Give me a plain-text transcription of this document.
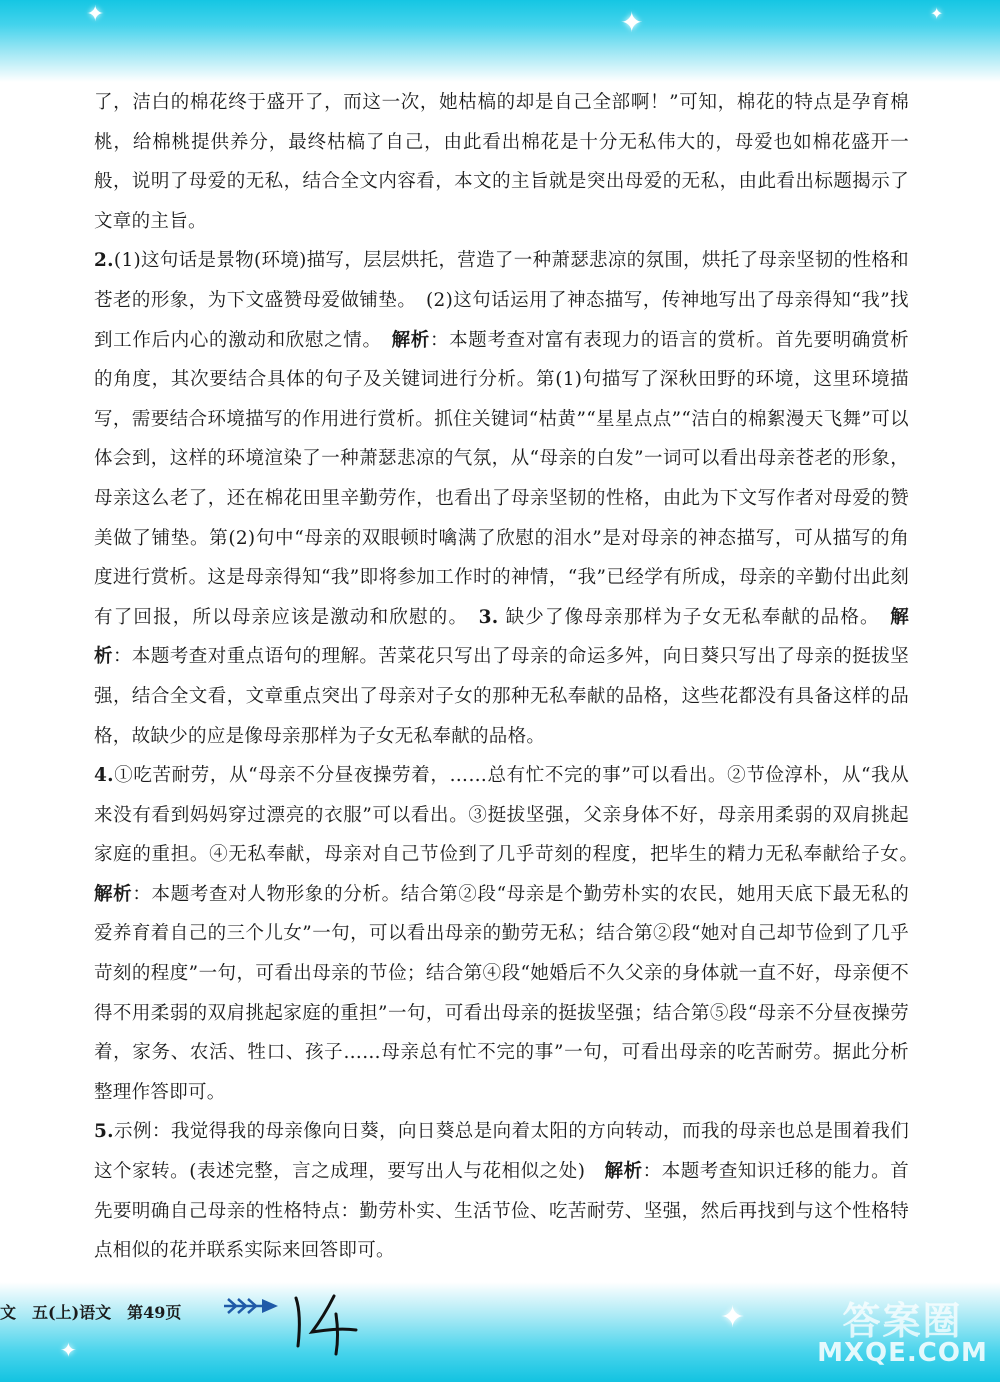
✦	✦	✦

了，洁白的棉花终于盛开了，而这一次，她枯槁的却是自己全部啊！”可知，棉花的特点是孕育棉桃，给棉桃提供养分，最终枯槁了自己，由此看出棉花是十分无私伟大的，母爱也如棉花盛开一般，说明了母爱的无私，结合全文内容看，本文的主旨就是突出母爱的无私，由此看出标题揭示了文章的主旨。

2.(1)这句话是景物(环境)描写，层层烘托，营造了一种萧瑟悲凉的氛围，烘托了母亲坚韧的性格和苍老的形象，为下文盛赞母爱做铺垫。　(2)这句话运用了神态描写，传神地写出了母亲得知“我”找到工作后内心的激动和欣慰之情。　解析：本题考查对富有表现力的语言的赏析。首先要明确赏析的角度，其次要结合具体的句子及关键词进行分析。第(1)句描写了深秋田野的环境，这里环境描写，需要结合环境描写的作用进行赏析。抓住关键词“枯黄”“星星点点”“洁白的棉絮漫天飞舞”可以体会到，这样的环境渲染了一种萧瑟悲凉的气氛，从“母亲的白发”一词可以看出母亲苍老的形象，母亲这么老了，还在棉花田里辛勤劳作，也看出了母亲坚韧的性格，由此为下文写作者对母爱的赞美做了铺垫。第(2)句中“母亲的双眼顿时噙满了欣慰的泪水”是对母亲的神态描写，可从描写的角度进行赏析。这是母亲得知“我”即将参加工作时的神情，“我”已经学有所成，母亲的辛勤付出此刻有了回报，所以母亲应该是激动和欣慰的。　3. 缺少了像母亲那样为子女无私奉献的品格。　解析：本题考查对重点语句的理解。苦菜花只写出了母亲的命运多舛，向日葵只写出了母亲的挺拔坚强，结合全文看，文章重点突出了母亲对子女的那种无私奉献的品格，这些花都没有具备这样的品格，故缺少的应是像母亲那样为子女无私奉献的品格。

4.①吃苦耐劳，从“母亲不分昼夜操劳着，……总有忙不完的事”可以看出。②节俭淳朴，从“我从来没有看到妈妈穿过漂亮的衣服”可以看出。③挺拔坚强，父亲身体不好，母亲用柔弱的双肩挑起家庭的重担。④无私奉献，母亲对自己节俭到了几乎苛刻的程度，把毕生的精力无私奉献给子女。　解析：本题考查对人物形象的分析。结合第②段“母亲是个勤劳朴实的农民，她用天底下最无私的爱养育着自己的三个儿女”一句，可以看出母亲的勤劳无私；结合第②段“她对自己却节俭到了几乎苛刻的程度”一句，可看出母亲的节俭；结合第④段“她婚后不久父亲的身体就一直不好，母亲便不得不用柔弱的双肩挑起家庭的重担”一句，可看出母亲的挺拔坚强；结合第⑤段“母亲不分昼夜操劳着，家务、农活、牲口、孩子……母亲总有忙不完的事”一句，可看出母亲的吃苦耐劳。据此分析整理作答即可。

5.示例：我觉得我的母亲像向日葵，向日葵总是向着太阳的方向转动，而我的母亲也总是围着我们这个家转。(表述完整，言之成理，要写出人与花相似之处)　解析：本题考查知识迁移的能力。首先要明确自己母亲的性格特点：勤劳朴实、生活节俭、吃苦耐劳、坚强，然后再找到与这个性格特点相似的花并联系实际来回答即可。

✦
✦
文　五(上)语文　第49页	答案圈
MXQE.COM
